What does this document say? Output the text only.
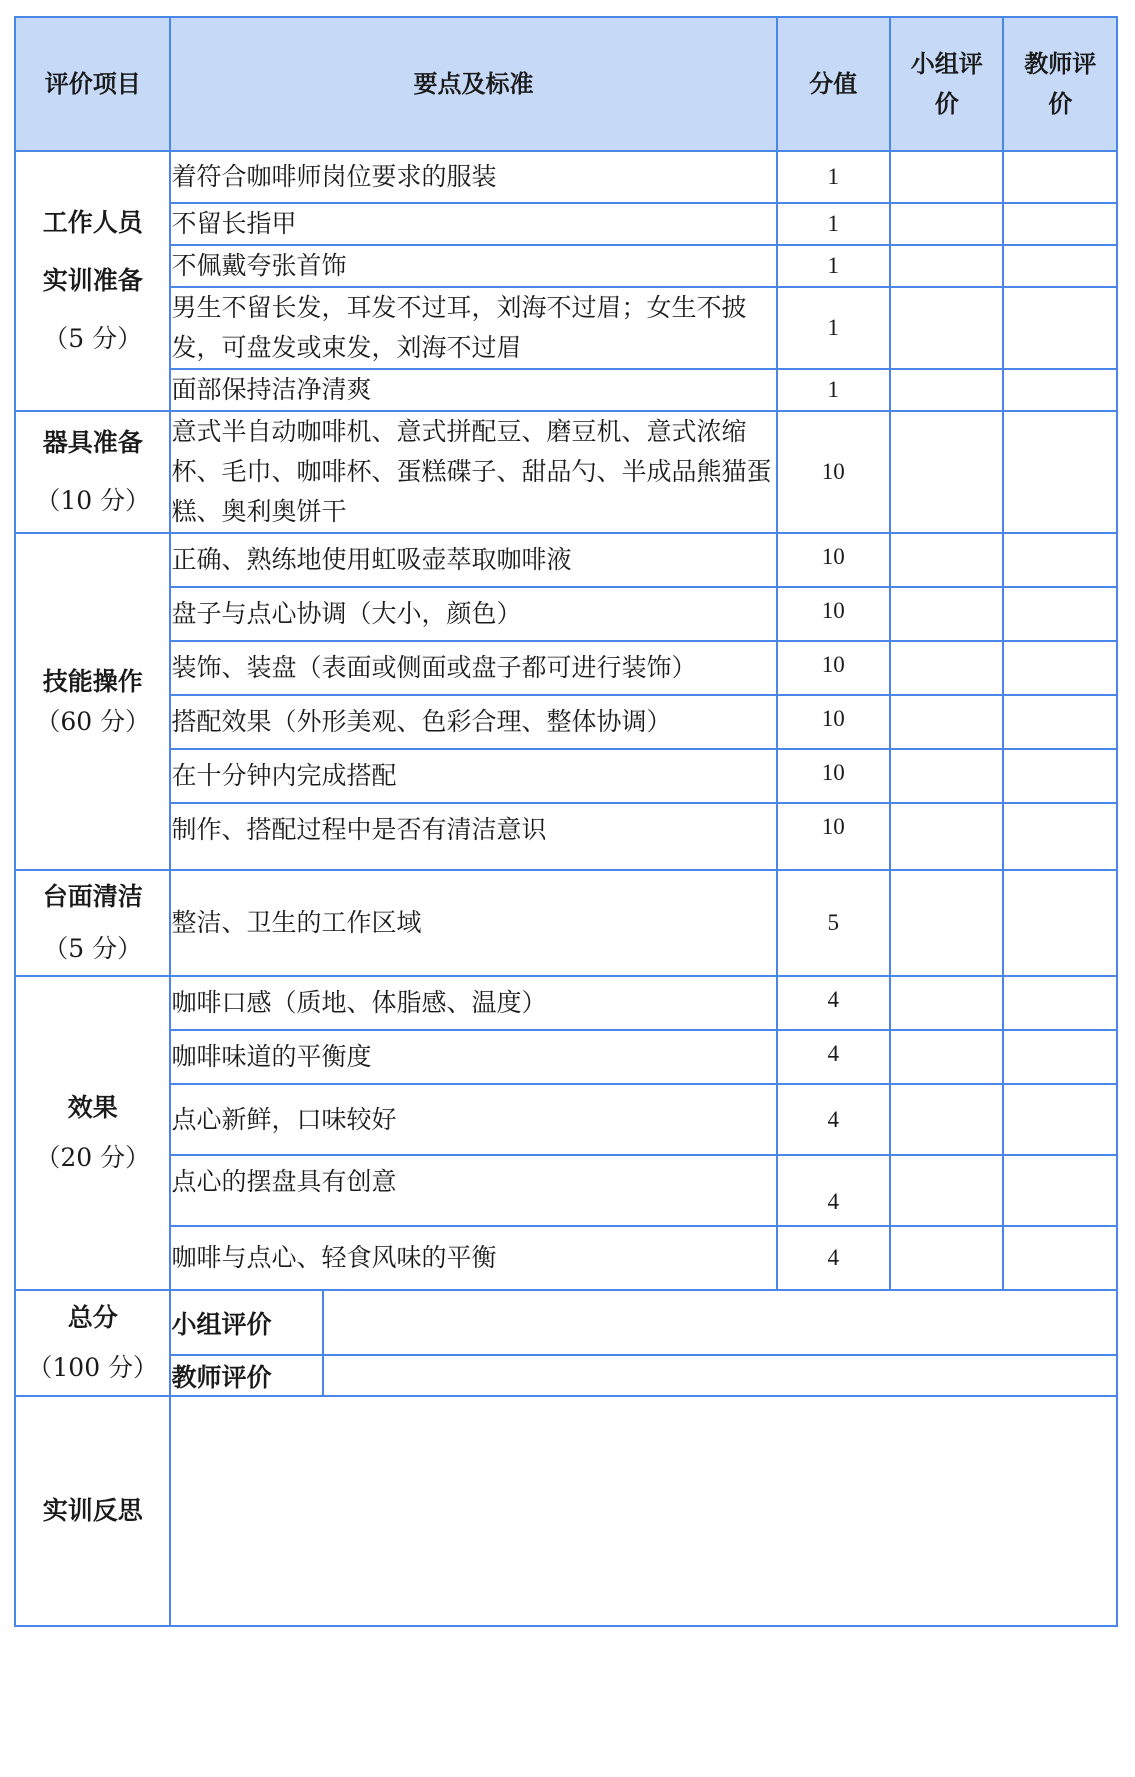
评价项目	要点及标准		分值	小组评价	教师评价

工作人员
实训准备
（5 分）	着符合咖啡师岗位要求的服装		1		
	不留长指甲		1		
	不佩戴夸张首饰		1		
	男生不留长发，耳发不过耳，刘海不过眉；女生不披发，可盘发或束发，刘海不过眉		1		
	面部保持洁净清爽		1		

器具准备
（10 分）	意式半自动咖啡机、意式拼配豆、磨豆机、意式浓缩杯、毛巾、咖啡杯、蛋糕碟子、甜品勺、半成品熊猫蛋糕、奥利奥饼干		10		

技能操作
（60 分）	正确、熟练地使用虹吸壶萃取咖啡液		10		
	盘子与点心协调（大小，颜色）		10		
	装饰、装盘（表面或侧面或盘子都可进行装饰）		10		
	搭配效果（外形美观、色彩合理、整体协调）		10		
	在十分钟内完成搭配		10		
	制作、搭配过程中是否有清洁意识		10		

台面清洁
（5 分）	整洁、卫生的工作区域		5		

效果
（20 分）	咖啡口感（质地、体脂感、温度）		4		
	咖啡味道的平衡度		4		
	点心新鲜，口味较好		4		
	点心的摆盘具有创意		4		
	咖啡与点心、轻食风味的平衡		4		

总分
（100 分）	小组评价				
	教师评价				
实训反思					
